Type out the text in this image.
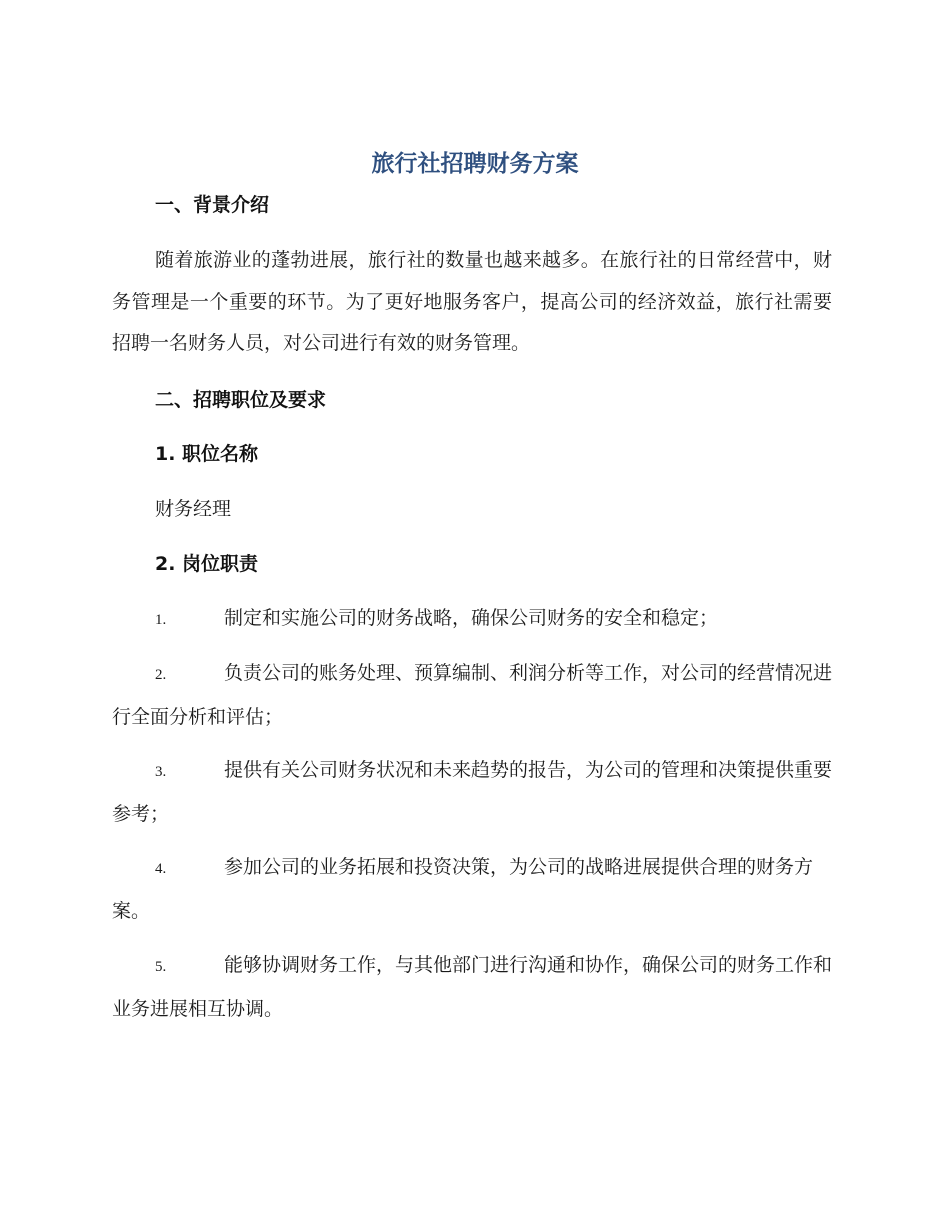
旅行社招聘财务方案
一、背景介绍
随着旅游业的蓬勃进展，旅行社的数量也越来越多。在旅行社的日常经营中，财务管理是一个重要的环节。为了更好地服务客户，提高公司的经济效益，旅行社需要招聘一名财务人员，对公司进行有效的财务管理。
二、招聘职位及要求
1. 职位名称
财务经理
2. 岗位职责
1.	制定和实施公司的财务战略，确保公司财务的安全和稳定；
2.	负责公司的账务处理、预算编制、利润分析等工作，对公司的经营情况进行全面分析和评估；
3.	提供有关公司财务状况和未来趋势的报告，为公司的管理和决策提供重要参考；
4.	参加公司的业务拓展和投资决策，为公司的战略进展提供合理的财务方案。
5.	能够协调财务工作，与其他部门进行沟通和协作，确保公司的财务工作和业务进展相互协调。
